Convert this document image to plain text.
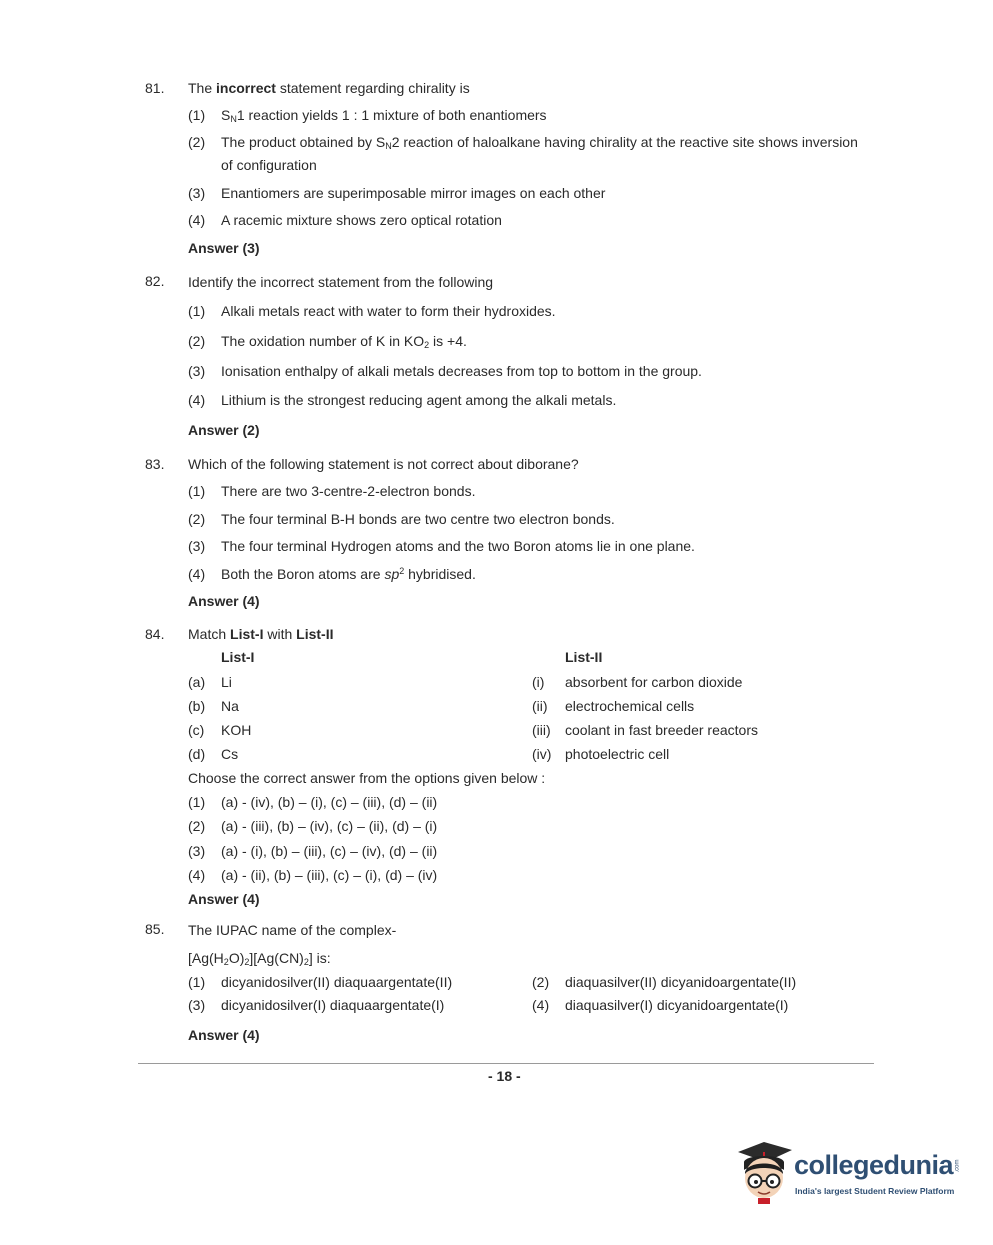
81. The incorrect statement regarding chirality is
(1) $S_N1$ reaction yields 1 : 1 mixture of both enantiomers
(2) The product obtained by $S_N2$ reaction of haloalkane having chirality at the reactive site shows inversion
of configuration
(3) Enantiomers are superimposable mirror images on each other
(4) A racemic mixture shows zero optical rotation
Answer (3)
82. Identify the incorrect statement from the following
(1) Alkali metals react with water to form their hydroxides.
(2) The oxidation number of K in $KO_2$ is +4.
(3) Ionisation enthalpy of alkali metals decreases from top to bottom in the group.
(4) Lithium is the strongest reducing agent among the alkali metals.
Answer (2)
83. Which of the following statement is not correct about diborane?
(1) There are two 3-centre-2-electron bonds.
(2) The four terminal B-H bonds are two centre two electron bonds.
(3) The four terminal Hydrogen atoms and the two Boron atoms lie in one plane.
(4) Both the Boron atoms are $sp^2$ hybridised.
Answer (4)
84. Match List-I with List-II
List-I	List-II
(a) Li	(i) absorbent for carbon dioxide
(b) Na	(ii) electrochemical cells
(c) KOH	(iii) coolant in fast breeder reactors
(d) Cs	(iv) photoelectric cell
Choose the correct answer from the options given below :
(1) (a) - (iv), (b) – (i), (c) – (iii), (d) – (ii)
(2) (a) - (iii), (b) – (iv), (c) – (ii), (d) – (i)
(3) (a) - (i), (b) – (iii), (c) – (iv), (d) – (ii)
(4) (a) - (ii), (b) – (iii), (c) – (i), (d) – (iv)
Answer (4)
85. The IUPAC name of the complex-
$[Ag(H_2O)_2][Ag(CN)_2]$ is:
(1) dicyanidosilver(II) diaquaargentate(II)	(2) diaquasilver(II) dicyanidoargentate(II)
(3) dicyanidosilver(I) diaquaargentate(I)	(4) diaquasilver(I) dicyanidoargentate(I)
Answer (4)
- 18 -
collegedunia .com
India's largest Student Review Platform
